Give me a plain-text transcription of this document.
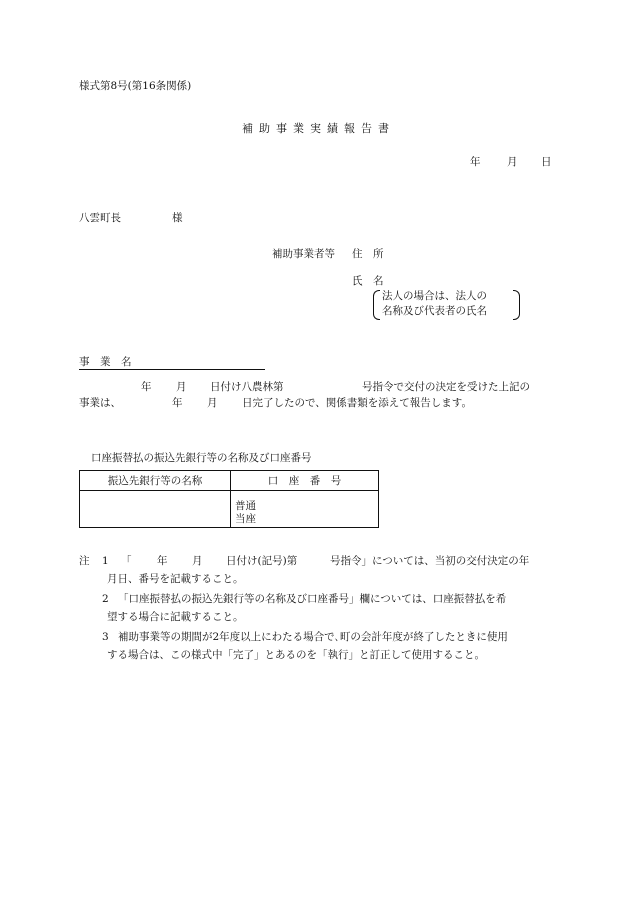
様式第8号(第16条関係)
補助事業実績報告書
年	月 日
八雲町長	様
補助事業者等 住　所
氏　名
法人の場合は、法人の
名称及び代表者の氏名
事　業　名
年 月 日付け八農林第	号指令で交付の決定を受けた上記の
事業は、	年 月 日完了したので、関係書類を添えて報告します。
口座振替払の振込先銀行等の名称及び口座番号
振込先銀行等の名称	口　座　番　号

	普通
当座
注 1 「 年 月 日付け(記号)第	号指令」については、当初の交付決定の年
月日、番号を記載すること。
2 「口座振替払の振込先銀行等の名称及び口座番号」欄については、口座振替払を希
望する場合に記載すること。
3 補助事業等の期間が2年度以上にわたる場合で､町の会計年度が終了したときに使用
する場合は、この様式中「完了」とあるのを「執行」と訂正して使用すること。
